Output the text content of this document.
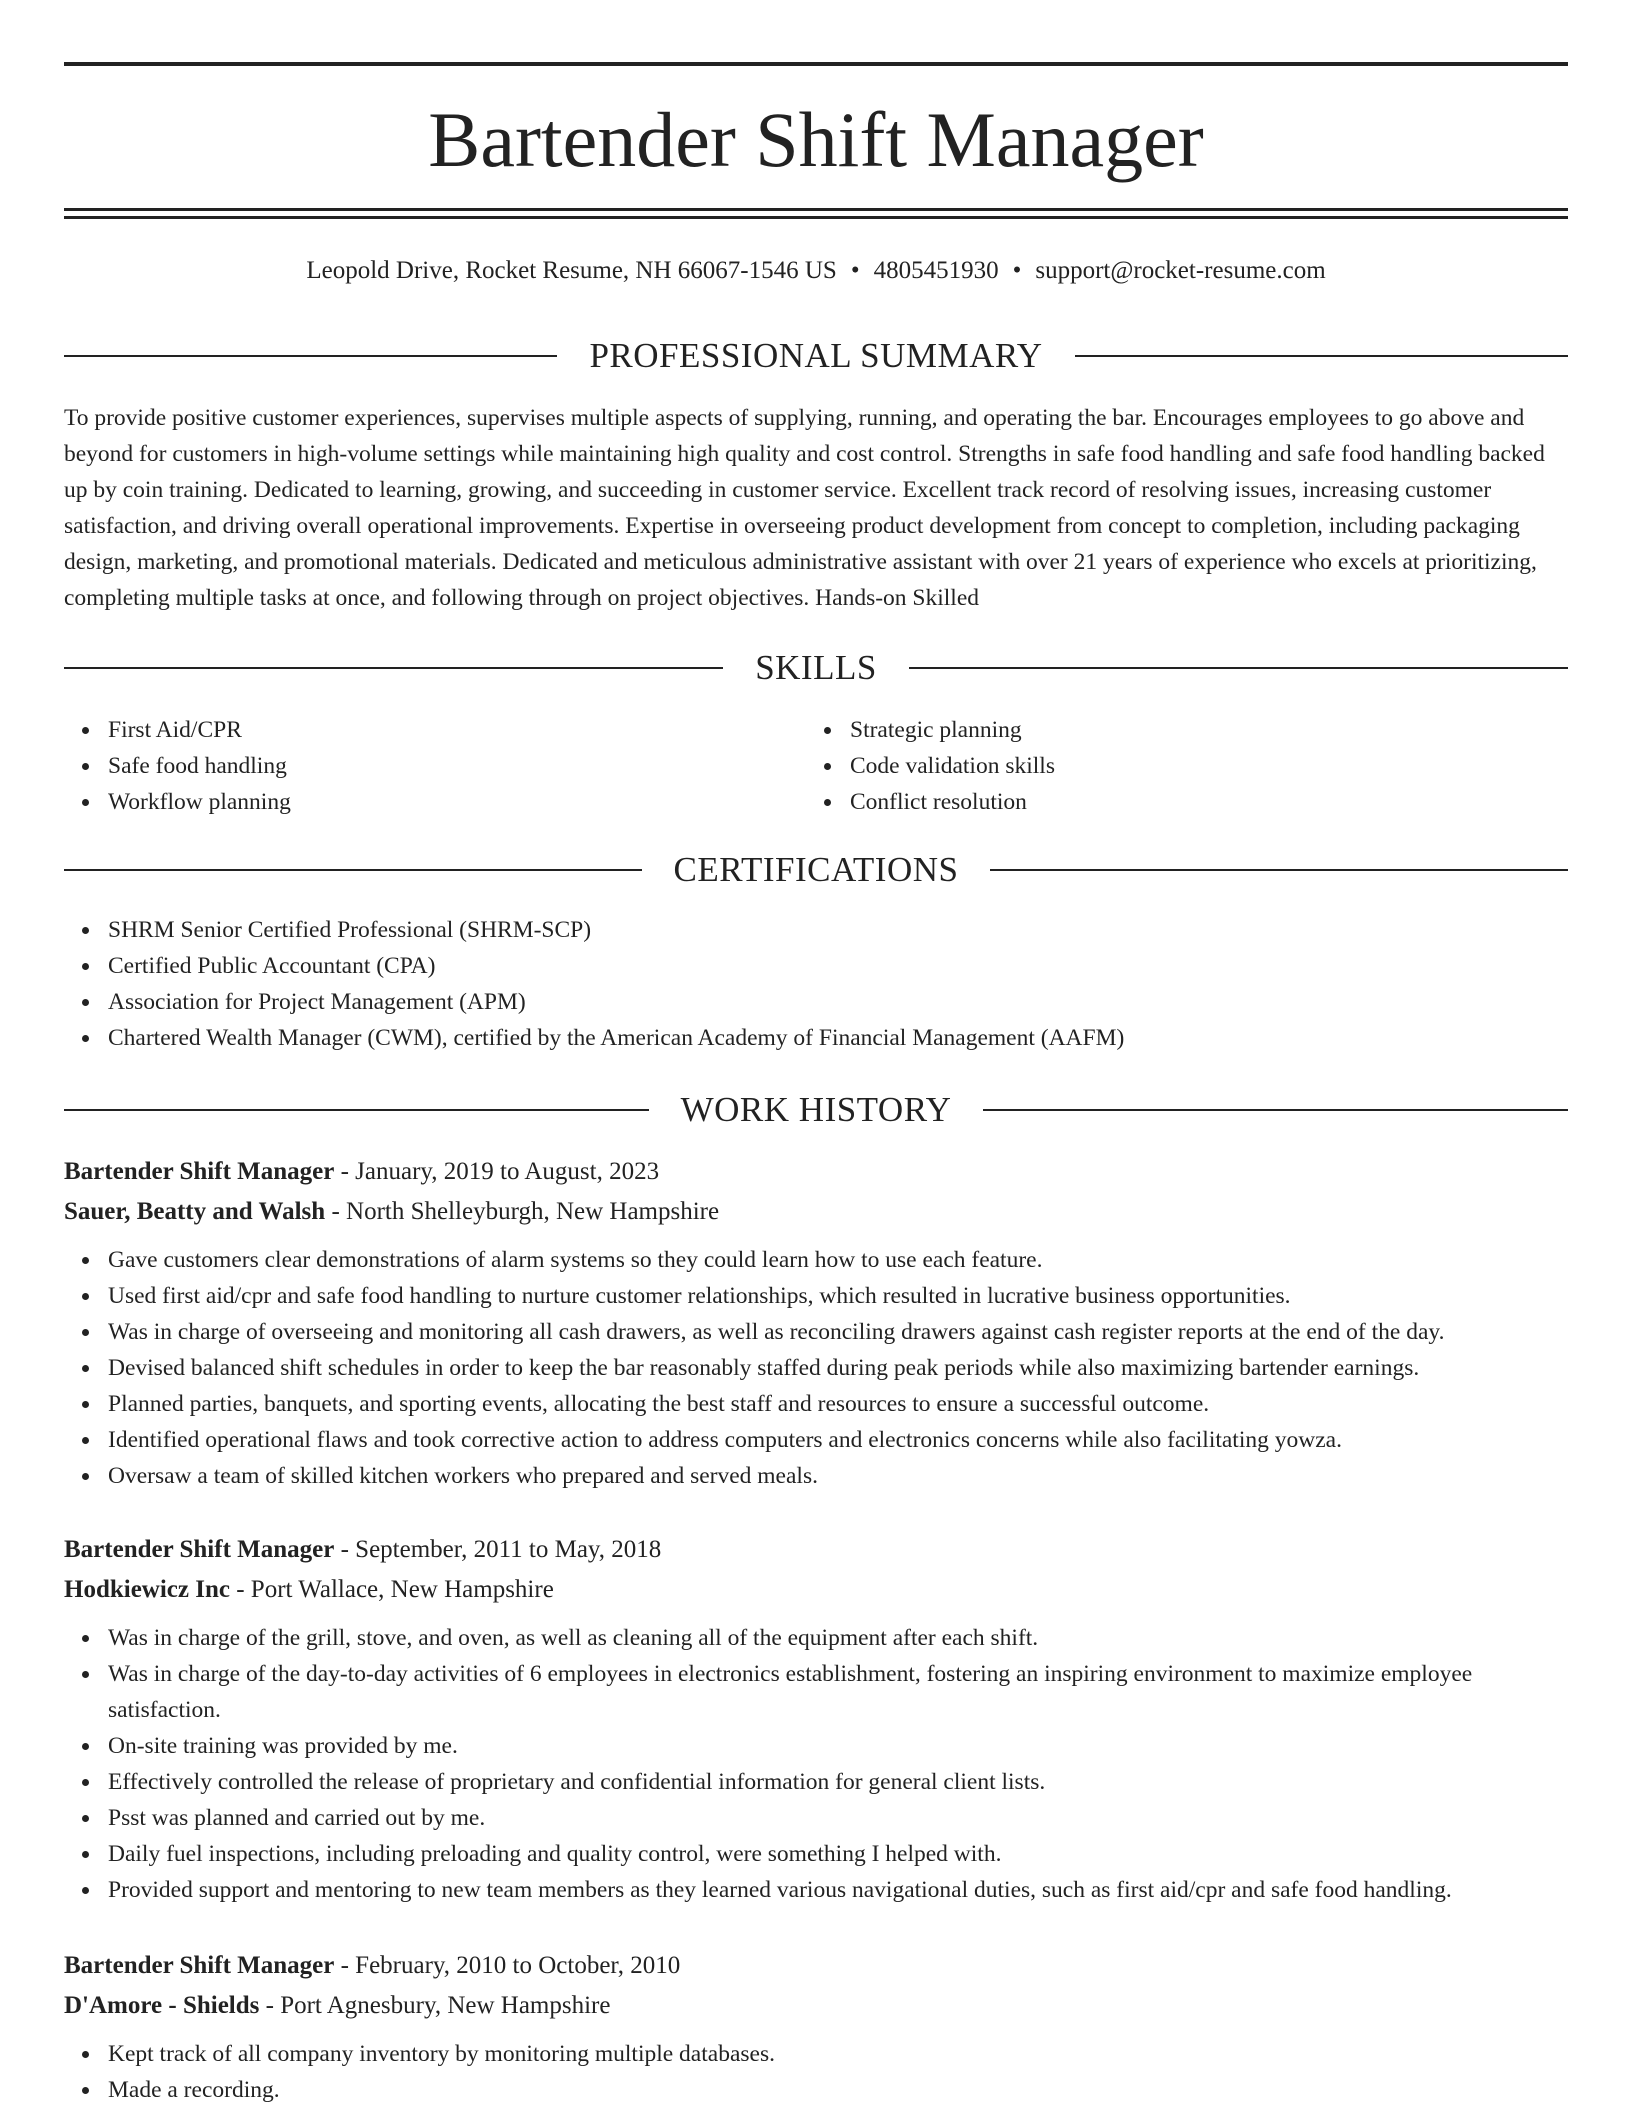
Bartender Shift Manager
Leopold Drive, Rocket Resume, NH 66067-1546 US • 4805451930 • support@rocket-resume.com
PROFESSIONAL SUMMARY

To provide positive customer experiences, supervises multiple aspects of supplying, running, and operating the bar. Encourages employees to go above and beyond for customers in high-volume settings while maintaining high quality and cost control. Strengths in safe food handling and safe food handling backed up by coin training. Dedicated to learning, growing, and succeeding in customer service. Excellent track record of resolving issues, increasing customer satisfaction, and driving overall operational improvements. Expertise in overseeing product development from concept to completion, including packaging design, marketing, and promotional materials. Dedicated and meticulous administrative assistant with over 21 years of experience who excels at prioritizing, completing multiple tasks at once, and following through on project objectives. Hands-on Skilled

SKILLS
First Aid/CPR
Safe food handling
Workflow planning
Strategic planning
Code validation skills
Conflict resolution
CERTIFICATIONS
SHRM Senior Certified Professional (SHRM-SCP)
Certified Public Accountant (CPA)
Association for Project Management (APM)
Chartered Wealth Manager (CWM), certified by the American Academy of Financial Management (AAFM)
WORK HISTORY
Bartender Shift Manager - January, 2019 to August, 2023
Sauer, Beatty and Walsh - North Shelleyburgh, New Hampshire
Gave customers clear demonstrations of alarm systems so they could learn how to use each feature.
Used first aid/cpr and safe food handling to nurture customer relationships, which resulted in lucrative business opportunities.
Was in charge of overseeing and monitoring all cash drawers, as well as reconciling drawers against cash register reports at the end of the day.
Devised balanced shift schedules in order to keep the bar reasonably staffed during peak periods while also maximizing bartender earnings.
Planned parties, banquets, and sporting events, allocating the best staff and resources to ensure a successful outcome.
Identified operational flaws and took corrective action to address computers and electronics concerns while also facilitating yowza.
Oversaw a team of skilled kitchen workers who prepared and served meals.
Bartender Shift Manager - September, 2011 to May, 2018
Hodkiewicz Inc - Port Wallace, New Hampshire
Was in charge of the grill, stove, and oven, as well as cleaning all of the equipment after each shift.
Was in charge of the day-to-day activities of 6 employees in electronics establishment, fostering an inspiring environment to maximize employee satisfaction.
On-site training was provided by me.
Effectively controlled the release of proprietary and confidential information for general client lists.
Psst was planned and carried out by me.
Daily fuel inspections, including preloading and quality control, were something I helped with.
Provided support and mentoring to new team members as they learned various navigational duties, such as first aid/cpr and safe food handling.
Bartender Shift Manager - February, 2010 to October, 2010
D'Amore - Shields - Port Agnesbury, New Hampshire
Kept track of all company inventory by monitoring multiple databases.
Made a recording.
